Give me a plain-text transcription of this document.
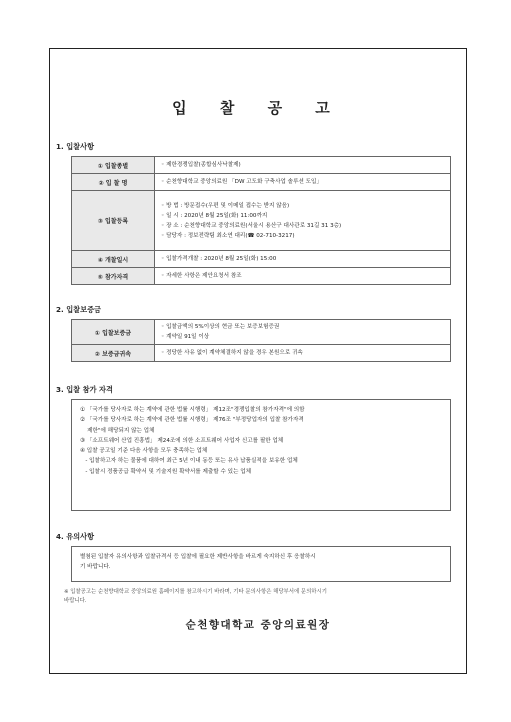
입 찰 공 고
1. 입찰사항
① 입찰종별	◦ 제한경쟁입찰(종합심사낙찰제)

② 입 찰 명	◦ 순천향대학교 중앙의료원 「DW 고도화 구축사업 솔루션 도입」

③ 입찰등록	◦ 방 법 : 방문접수(우편 및 이메일 접수는 받지 않음)
◦ 일 시 : 2020년 8월 25일(화) 11:00까지
◦ 장 소 : 순천향대학교 중앙의료원(서울시 용산구 대사관로 31길 31 3층)
◦ 담당자 : 정보전략팀 최소연 대리(☎ 02-710-3217)

④ 개찰일시	◦ 입찰가격개찰 : 2020년 8월 25일(화) 15:00

⑤ 참가자격	◦ 자세한 사항은 제안요청서 참조
2. 입찰보증금
① 입찰보증금	◦ 입찰금액의 5%이상의 현금 또는 보증보험증권
◦ 계약일 91일 이상

② 보증금귀속	◦ 정당한 사유 없이 계약체결하지 않을 경우 본원으로 귀속
3. 입찰 참가 자격
① 「국가를 당사자로 하는 계약에 관한 법률 시행령」 제12조"경쟁입찰의 참가자격"에 의함
② 「국가를 당사자로 하는 계약에 관한 법률 시행령」 제76조 "부정당업자의 입찰 참가자격
제한"에 해당되지 않는 업체
③ 「소프트웨어 산업 진흥법」 제24조에 의한 소프트웨어 사업자 신고를 필한 업체
④ 입찰 공고일 기준 다음 사항을 모두 충족하는 업체
- 입찰하고자 하는 물품에 대하여 최근 5년 이내 동등 또는 유사 납품실적을 보유한 업체
- 입찰시 정품공급 확약서 및 기술지원 확약서를 제출할 수 있는 업체
4. 유의사항
별첨된 입찰자 유의사항과 입찰규격서 등 입찰에 필요한 제반사항을 바르게 숙지하신 후 응찰하시
기 바랍니다.
※ 입찰공고는 순천향대학교 중앙의료원 홈페이지를 참고하시기 바라며, 기타 문의사항은 해당부서에 문의하시기
바랍니다.
순천향대학교 중앙의료원장
